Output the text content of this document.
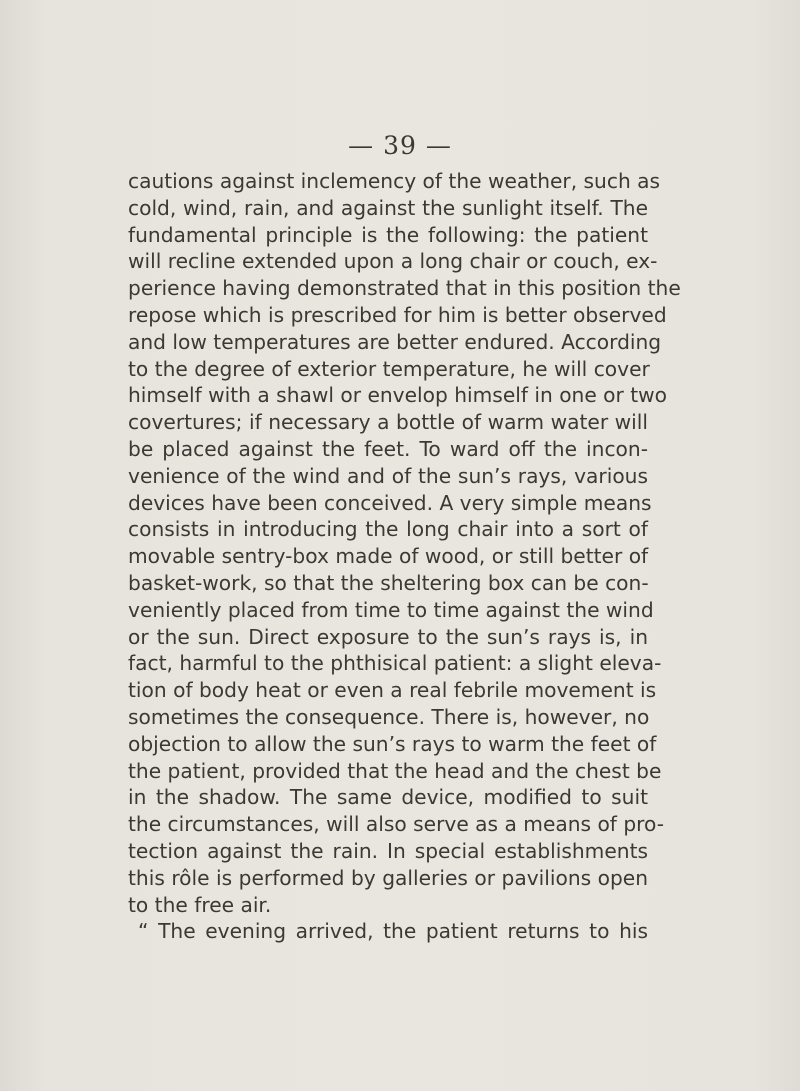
— 39 —
cautions against inclemency of the weather, such as
cold, wind, rain, and against the sunlight itself. The
fundamental principle is the following: the patient
will recline extended upon a long chair or couch, ex-
perience having demonstrated that in this position the
repose which is prescribed for him is better observed
and low temperatures are better endured. According
to the degree of exterior temperature, he will cover
himself with a shawl or envelop himself in one or two
covertures; if necessary a bottle of warm water will
be placed against the feet. To ward off the incon-
venience of the wind and of the sun’s rays, various
devices have been conceived. A very simple means
consists in introducing the long chair into a sort of
movable sentry-box made of wood, or still better of
basket-work, so that the sheltering box can be con-
veniently placed from time to time against the wind
or the sun. Direct exposure to the sun’s rays is, in
fact, harmful to the phthisical patient: a slight eleva-
tion of body heat or even a real febrile movement is
sometimes the consequence. There is, however, no
objection to allow the sun’s rays to warm the feet of
the patient, provided that the head and the chest be
in the shadow. The same device, modified to suit
the circumstances, will also serve as a means of pro-
tection against the rain. In special establishments
this rôle is performed by galleries or pavilions open
to the free air.
“ The evening arrived, the patient returns to his
